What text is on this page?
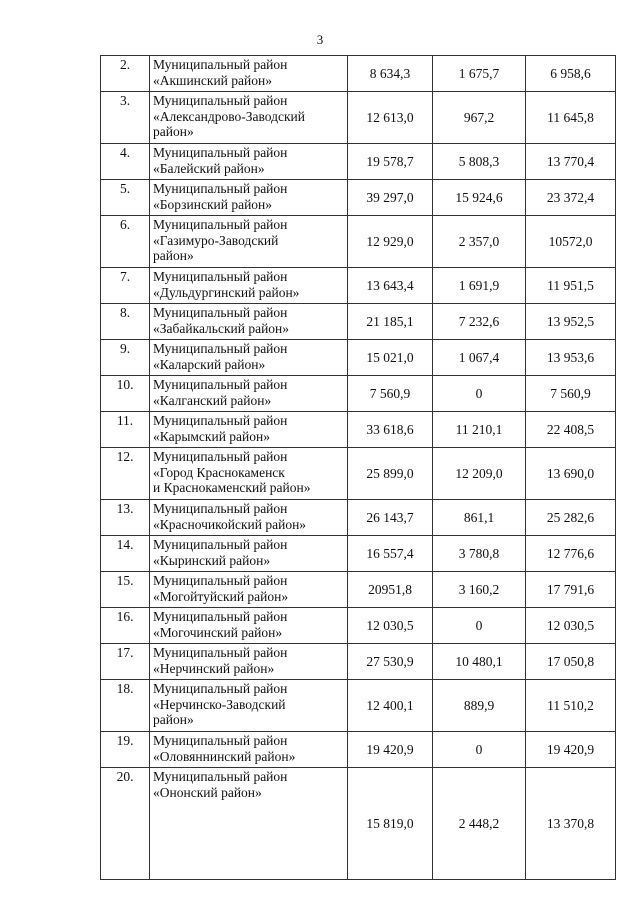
3
2.	Муниципальный район
«Акшинский район»	8 634,3	1 675,7	6 958,6
3.	Муниципальный район
«Александрово-Заводский
район»	12 613,0	967,2	11 645,8
4.	Муниципальный район
«Балейский район»	19 578,7	5 808,3	13 770,4
5.	Муниципальный район
«Борзинский район»	39 297,0	15 924,6	23 372,4
6.	Муниципальный район
«Газимуро-Заводский
район»	12 929,0	2 357,0	10572,0
7.	Муниципальный район
«Дульдургинский район»	13 643,4	1 691,9	11 951,5
8.	Муниципальный район
«Забайкальский район»	21 185,1	7 232,6	13 952,5
9.	Муниципальный район
«Каларский район»	15 021,0	1 067,4	13 953,6
10.	Муниципальный район
«Калганский район»	7 560,9	0	7 560,9
11.	Муниципальный район
«Карымский район»	33 618,6	11 210,1	22 408,5
12.	Муниципальный район
«Город Краснокаменск
и Краснокаменский район»	25 899,0	12 209,0	13 690,0
13.	Муниципальный район
«Красночикойский район»	26 143,7	861,1	25 282,6
14.	Муниципальный район
«Кыринский район»	16 557,4	3 780,8	12 776,6
15.	Муниципальный район
«Могойтуйский район»	20951,8	3 160,2	17 791,6
16.	Муниципальный район
«Могочинский район»	12 030,5	0	12 030,5
17.	Муниципальный район
«Нерчинский район»	27 530,9	10 480,1	17 050,8
18.	Муниципальный район
«Нерчинско-Заводский
район»	12 400,1	889,9	11 510,2
19.	Муниципальный район
«Оловяннинский район»	19 420,9	0	19 420,9
20.	Муниципальный район
«Ононский район»	15 819,0	2 448,2	13 370,8
